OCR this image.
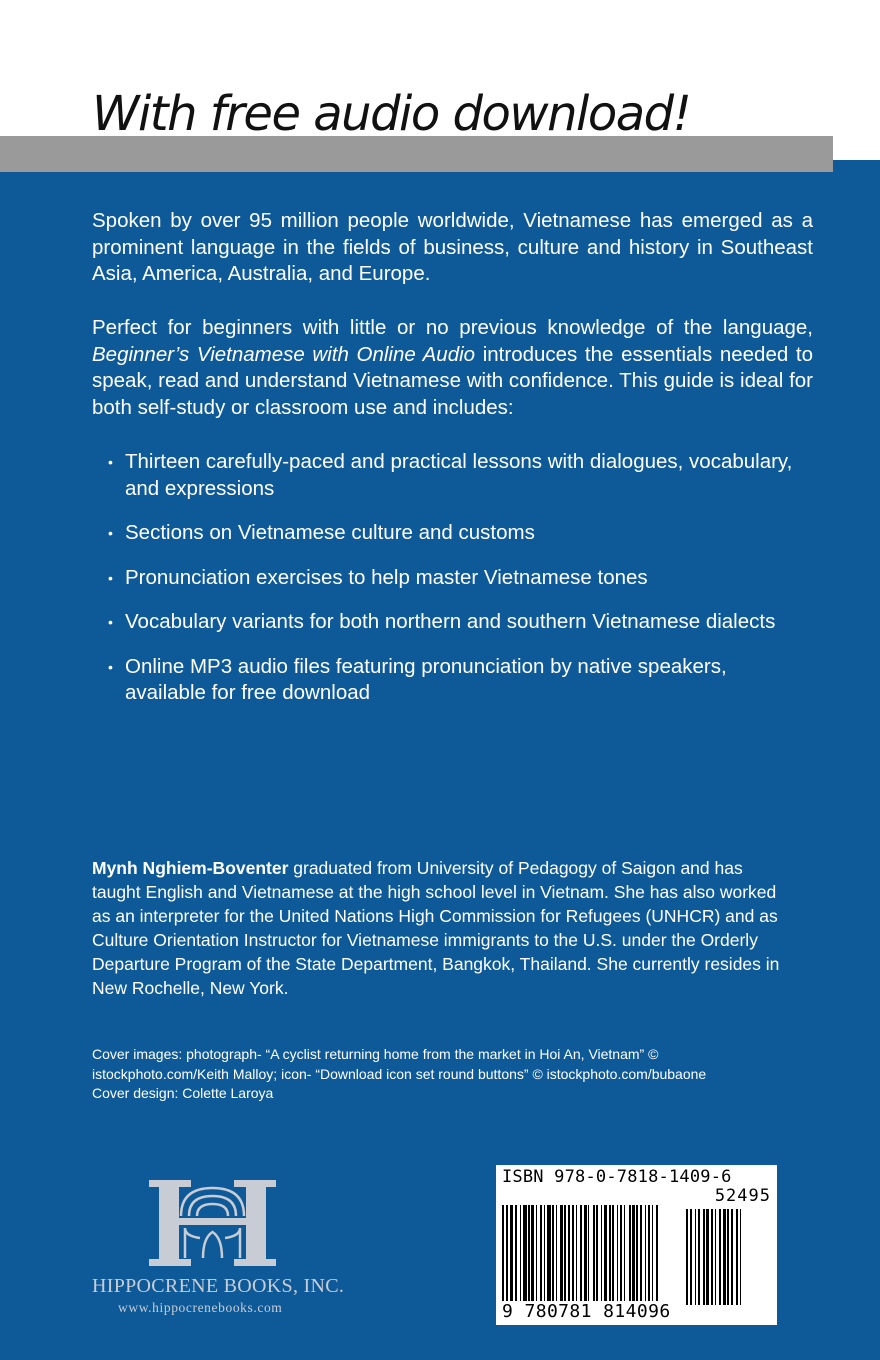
With free audio download!

Spoken by over 95 million people worldwide, Vietnamese has emerged as a prominent language in the fields of business, culture and history in Southeast Asia, America, Australia, and Europe.

Perfect for beginners with little or no previous knowledge of the language, Beginner’s Vietnamese with Online Audio introduces the essentials needed to speak, read and understand Vietnamese with confidence. This guide is ideal for both self-study or classroom use and includes:

• Thirteen carefully-paced and practical lessons with dialogues, vocabulary, and expressions
• Sections on Vietnamese culture and customs
• Pronunciation exercises to help master Vietnamese tones
• Vocabulary variants for both northern and southern Vietnamese dialects
• Online MP3 audio files featuring pronunciation by native speakers, available for free download

Mynh Nghiem-Boventer graduated from University of Pedagogy of Saigon and has taught English and Vietnamese at the high school level in Vietnam. She has also worked as an interpreter for the United Nations High Commission for Refugees (UNHCR) and as Culture Orientation Instructor for Vietnamese immigrants to the U.S. under the Orderly Departure Program of the State Department, Bangkok, Thailand. She currently resides in New Rochelle, New York.

Cover images: photograph- “A cyclist returning home from the market in Hoi An, Vietnam” ©
istockphoto.com/Keith Malloy; icon- “Download icon set round buttons” © istockphoto.com/bubaone
Cover design: Colette Laroya

HIPPOCRENE BOOKS, INC.

www.hippocrenebooks.com

ISBN 978-0-7818-1409-6

52495

9 780781 814096
